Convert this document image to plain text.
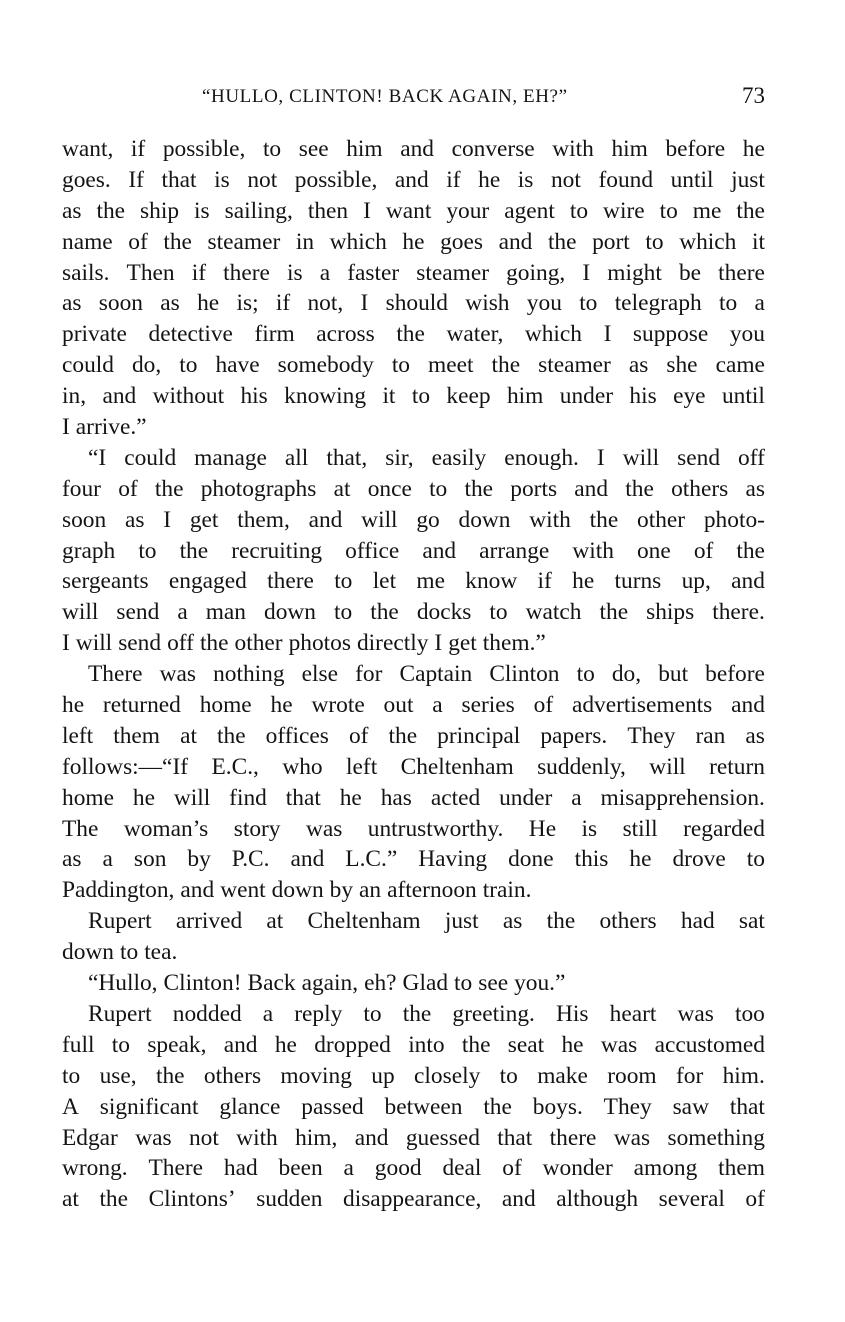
“HULLO, CLINTON! BACK AGAIN, EH?”	73
want, if possible, to see him and converse with him before he
goes. If that is not possible, and if he is not found until just
as the ship is sailing, then I want your agent to wire to me the
name of the steamer in which he goes and the port to which it
sails. Then if there is a faster steamer going, I might be there
as soon as he is; if not, I should wish you to telegraph to a
private detective firm across the water, which I suppose you
could do, to have somebody to meet the steamer as she came
in, and without his knowing it to keep him under his eye until
I arrive.”
“I could manage all that, sir, easily enough. I will send off
four of the photographs at once to the ports and the others as
soon as I get them, and will go down with the other photo-
graph to the recruiting office and arrange with one of the
sergeants engaged there to let me know if he turns up, and
will send a man down to the docks to watch the ships there.
I will send off the other photos directly I get them.”
There was nothing else for Captain Clinton to do, but before
he returned home he wrote out a series of advertisements and
left them at the offices of the principal papers. They ran as
follows:—“If E.C., who left Cheltenham suddenly, will return
home he will find that he has acted under a misapprehension.
The woman’s story was untrustworthy. He is still regarded
as a son by P.C. and L.C.” Having done this he drove to
Paddington, and went down by an afternoon train.
Rupert arrived at Cheltenham just as the others had sat
down to tea.
“Hullo, Clinton! Back again, eh? Glad to see you.”
Rupert nodded a reply to the greeting. His heart was too
full to speak, and he dropped into the seat he was accustomed
to use, the others moving up closely to make room for him.
A significant glance passed between the boys. They saw that
Edgar was not with him, and guessed that there was something
wrong. There had been a good deal of wonder among them
at the Clintons’ sudden disappearance, and although several of
